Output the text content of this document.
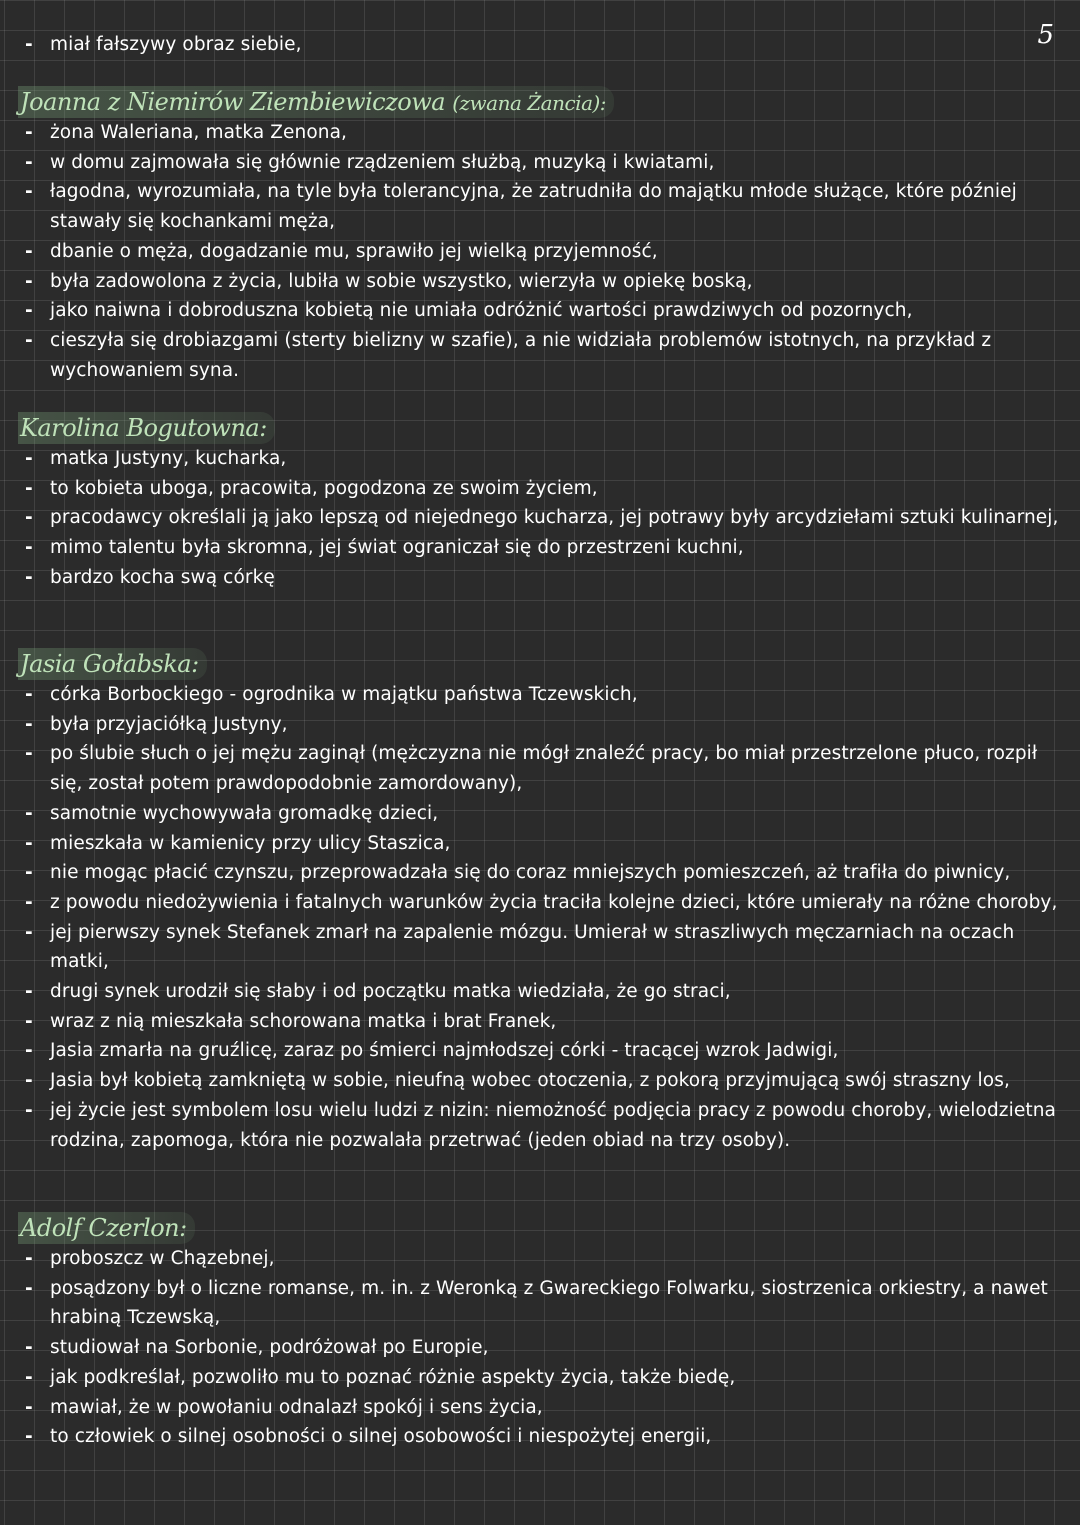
5
- miał fałszywy obraz siebie,
Joanna z Niemirów Ziembiewiczowa (zwana Żancia):
- żona Waleriana, matka Zenona,
- w domu zajmowała się głównie rządzeniem służbą, muzyką i kwiatami,
- łagodna, wyrozumiała, na tyle była tolerancyjna, że zatrudniła do majątku młode służące, które później stawały się kochankami męża,
- dbanie o męża, dogadzanie mu, sprawiło jej wielką przyjemność,
- była zadowolona z życia, lubiła w sobie wszystko, wierzyła w opiekę boską,
- jako naiwna i dobroduszna kobietą nie umiała odróżnić wartości prawdziwych od pozornych,
- cieszyła się drobiazgami (sterty bielizny w szafie), a nie widziała problemów istotnych, na przykład z wychowaniem syna.
Karolina Bogutowna:
- matka Justyny, kucharka,
- to kobieta uboga, pracowita, pogodzona ze swoim życiem,
- pracodawcy określali ją jako lepszą od niejednego kucharza, jej potrawy były arcydziełami sztuki kulinarnej,
- mimo talentu była skromna, jej świat ograniczał się do przestrzeni kuchni,
- bardzo kocha swą córkę
Jasia Gołabska:
- córka Borbockiego - ogrodnika w majątku państwa Tczewskich,
- była przyjaciółką Justyny,
- po ślubie słuch o jej mężu zaginął (mężczyzna nie mógł znaleźć pracy, bo miał przestrzelone płuco, rozpił się, został potem prawdopodobnie zamordowany),
- samotnie wychowywała gromadkę dzieci,
- mieszkała w kamienicy przy ulicy Staszica,
- nie mogąc płacić czynszu, przeprowadzała się do coraz mniejszych pomieszczeń, aż trafiła do piwnicy,
- z powodu niedożywienia i fatalnych warunków życia traciła kolejne dzieci, które umierały na różne choroby,
- jej pierwszy synek Stefanek zmarł na zapalenie mózgu. Umierał w straszliwych męczarniach na oczach matki,
- drugi synek urodził się słaby i od początku matka wiedziała, że go straci,
- wraz z nią mieszkała schorowana matka i brat Franek,
- Jasia zmarła na gruźlicę, zaraz po śmierci najmłodszej córki - tracącej wzrok Jadwigi,
- Jasia był kobietą zamkniętą w sobie, nieufną wobec otoczenia, z pokorą przyjmującą swój straszny los,
- jej życie jest symbolem losu wielu ludzi z nizin: niemożność podjęcia pracy z powodu choroby, wielodzietna rodzina, zapomoga, która nie pozwalała przetrwać (jeden obiad na trzy osoby).
Adolf Czerlon:
- proboszcz w Chązebnej,
- posądzony był o liczne romanse, m. in. z Weronką z Gwareckiego Folwarku, siostrzenica orkiestry, a nawet hrabiną Tczewską,
- studiował na Sorbonie, podróżował po Europie,
- jak podkreślał, pozwoliło mu to poznać różnie aspekty życia, także biedę,
- mawiał, że w powołaniu odnalazł spokój i sens życia,
- to człowiek o silnej osobności o silnej osobowości i niespożytej energii,
